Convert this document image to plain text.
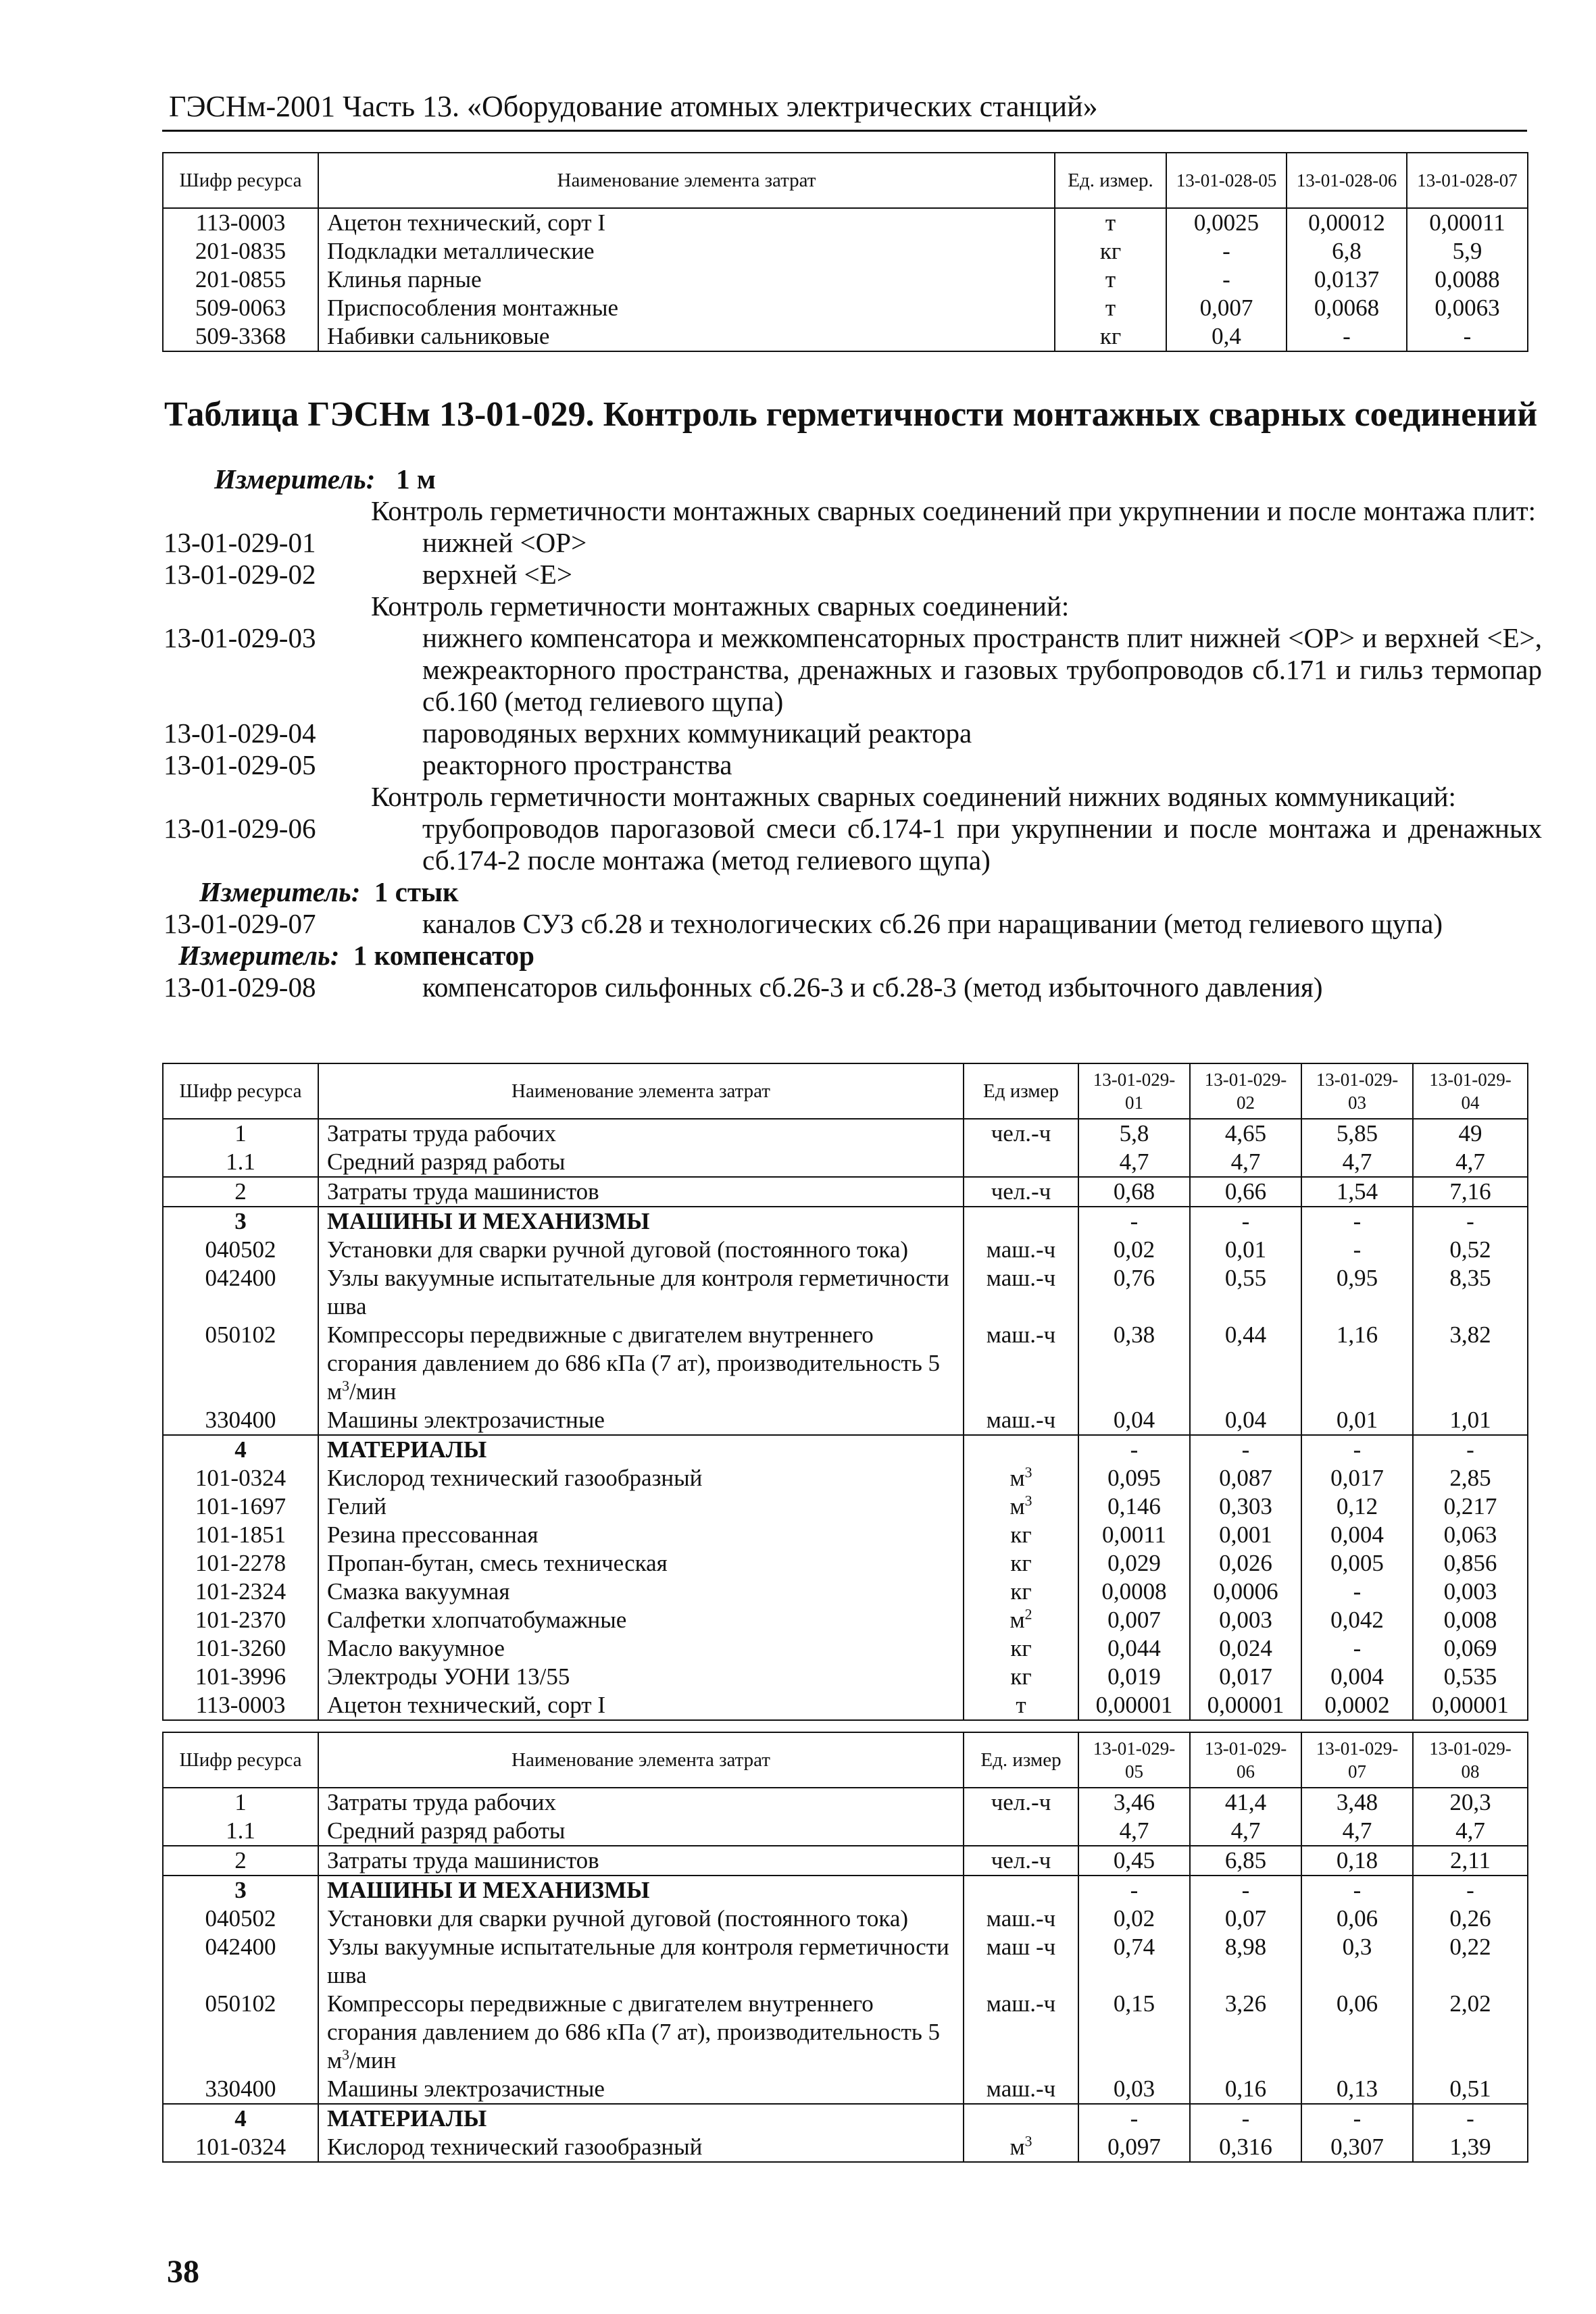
ГЭСНм-2001 Часть 13. «Оборудование атомных электрических станций»
Шифр ресурса	Наименование элемента затрат	Ед. измер.	13-01-028-05	13-01-028-06	13-01-028-07
113-0003	Ацетон технический, сорт I	т	0,0025	0,00012	0,00011
201-0835	Подкладки металлические	кг	-	6,8	5,9
201-0855	Клинья парные	т	-	0,0137	0,0088
509-0063	Приспособления монтажные	т	0,007	0,0068	0,0063
509-3368	Набивки сальниковые	кг	0,4	-	-
Таблица ГЭСНм 13-01-029. Контроль герметичности монтажных сварных соединений
Измеритель: 1 м
Контроль герметичности монтажных сварных соединений при укрупнении и после монтажа плит:
13-01-029-01	нижней <ОР>
13-01-029-02	верхней <Е>
Контроль герметичности монтажных сварных соединений:
13-01-029-03	нижнего компенсатора и межкомпенсаторных пространств плит нижней <ОР> и верхней <Е>, межреакторного пространства, дренажных и газовых трубопроводов сб.171 и гильз термопар сб.160 (метод гелиевого щупа)
13-01-029-04	пароводяных верхних коммуникаций реактора
13-01-029-05	реакторного пространства
Контроль герметичности монтажных сварных соединений нижних водяных коммуникаций:
13-01-029-06	трубопроводов парогазовой смеси сб.174-1 при укрупнении и после монтажа и дренажных сб.174-2 после монтажа (метод гелиевого щупа)
Измеритель: 1 стык
13-01-029-07	каналов СУЗ сб.28 и технологических сб.26 при наращивании (метод гелиевого щупа)
Измеритель: 1 компенсатор
13-01-029-08	компенсаторов сильфонных сб.26-3 и сб.28-3 (метод избыточного давления)
Шифр ресурса	Наименование элемента затрат	Ед измер	13-01-029-01	13-01-029-02	13-01-029-03	13-01-029-04
1	Затраты труда рабочих	чел.-ч	5,8	4,65	5,85	49
1.1	Средний разряд работы		4,7	4,7	4,7	4,7
2	Затраты труда машинистов	чел.-ч	0,68	0,66	1,54	7,16
3	МАШИНЫ И МЕХАНИЗМЫ		-	-	-	-
040502	Установки для сварки ручной дуговой (постоянного тока)	маш.-ч	0,02	0,01	-	0,52
042400	Узлы вакуумные испытательные для контроля герметичности шва	маш.-ч	0,76	0,55	0,95	8,35
050102	Компрессоры передвижные с двигателем внутреннего сгорания давлением до 686 кПа (7 ат), производительность 5 $м^3$/мин	маш.-ч	0,38	0,44	1,16	3,82
330400	Машины электрозачистные	маш.-ч	0,04	0,04	0,01	1,01
4	МАТЕРИАЛЫ		-	-	-	-
101-0324	Кислород технический газообразный	$м^3$	0,095	0,087	0,017	2,85
101-1697	Гелий	$м^3$	0,146	0,303	0,12	0,217
101-1851	Резина прессованная	кг	0,0011	0,001	0,004	0,063
101-2278	Пропан-бутан, смесь техническая	кг	0,029	0,026	0,005	0,856
101-2324	Смазка вакуумная	кг	0,0008	0,0006	-	0,003
101-2370	Салфетки хлопчатобумажные	$м^2$	0,007	0,003	0,042	0,008
101-3260	Масло вакуумное	кг	0,044	0,024	-	0,069
101-3996	Электроды УОНИ 13/55	кг	0,019	0,017	0,004	0,535
113-0003	Ацетон технический, сорт I	т	0,00001	0,00001	0,0002	0,00001
Шифр ресурса	Наименование элемента затрат	Ед. измер	13-01-029-05	13-01-029-06	13-01-029-07	13-01-029-08
1	Затраты труда рабочих	чел.-ч	3,46	41,4	3,48	20,3
1.1	Средний разряд работы		4,7	4,7	4,7	4,7
2	Затраты труда машинистов	чел.-ч	0,45	6,85	0,18	2,11
3	МАШИНЫ И МЕХАНИЗМЫ		-	-	-	-
040502	Установки для сварки ручной дуговой (постоянного тока)	маш.-ч	0,02	0,07	0,06	0,26
042400	Узлы вакуумные испытательные для контроля герметичности шва	маш -ч	0,74	8,98	0,3	0,22
050102	Компрессоры передвижные с двигателем внутреннего сгорания давлением до 686 кПа (7 ат), производительность 5 $м^3$/мин	маш.-ч	0,15	3,26	0,06	2,02
330400	Машины электрозачистные	маш.-ч	0,03	0,16	0,13	0,51
4	МАТЕРИАЛЫ		-	-	-	-
101-0324	Кислород технический газообразный	$м^3$	0,097	0,316	0,307	1,39
38
